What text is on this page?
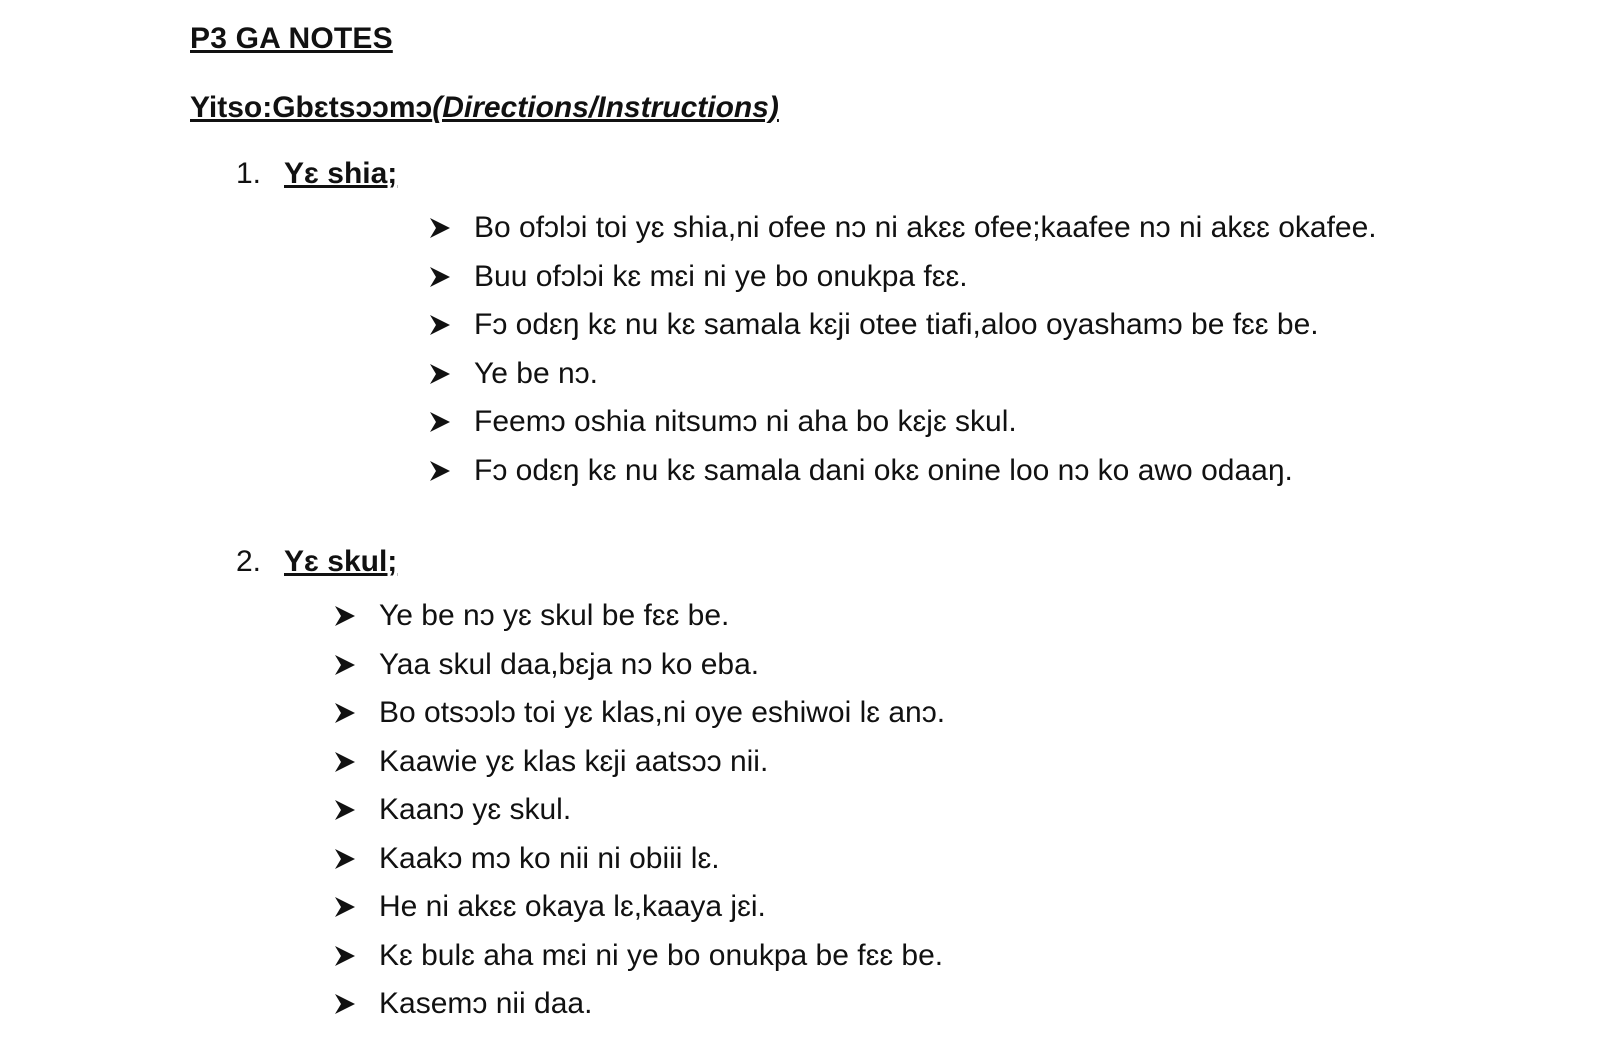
P3 GA NOTES
Yitso:Gbɛtsɔɔmɔ(Directions/Instructions)
1. Yɛ shia;
Bo ofɔlɔi toi yɛ shia,ni ofee nɔ ni akɛɛ ofee;kaafee nɔ ni akɛɛ okafee.
Buu ofɔlɔi kɛ mɛi ni ye bo onukpa fɛɛ.
Fɔ odɛŋ kɛ nu kɛ samala kɛji otee tiafi,aloo oyashamɔ be fɛɛ be.
Ye be nɔ.
Feemɔ oshia nitsumɔ ni aha bo kɛjɛ skul.
Fɔ odɛŋ kɛ nu kɛ samala dani okɛ onine loo nɔ ko awo odaaŋ.
2. Yɛ skul;
Ye be nɔ yɛ skul be fɛɛ be.
Yaa skul daa,bɛja nɔ ko eba.
Bo otsɔɔlɔ toi yɛ klas,ni oye eshiwoi lɛ anɔ.
Kaawie yɛ klas kɛji aatsɔɔ nii.
Kaanɔ yɛ skul.
Kaakɔ mɔ ko nii ni obiii lɛ.
He ni akɛɛ okaya lɛ,kaaya jɛi.
Kɛ bulɛ aha mɛi ni ye bo onukpa be fɛɛ be.
Kasemɔ nii daa.
